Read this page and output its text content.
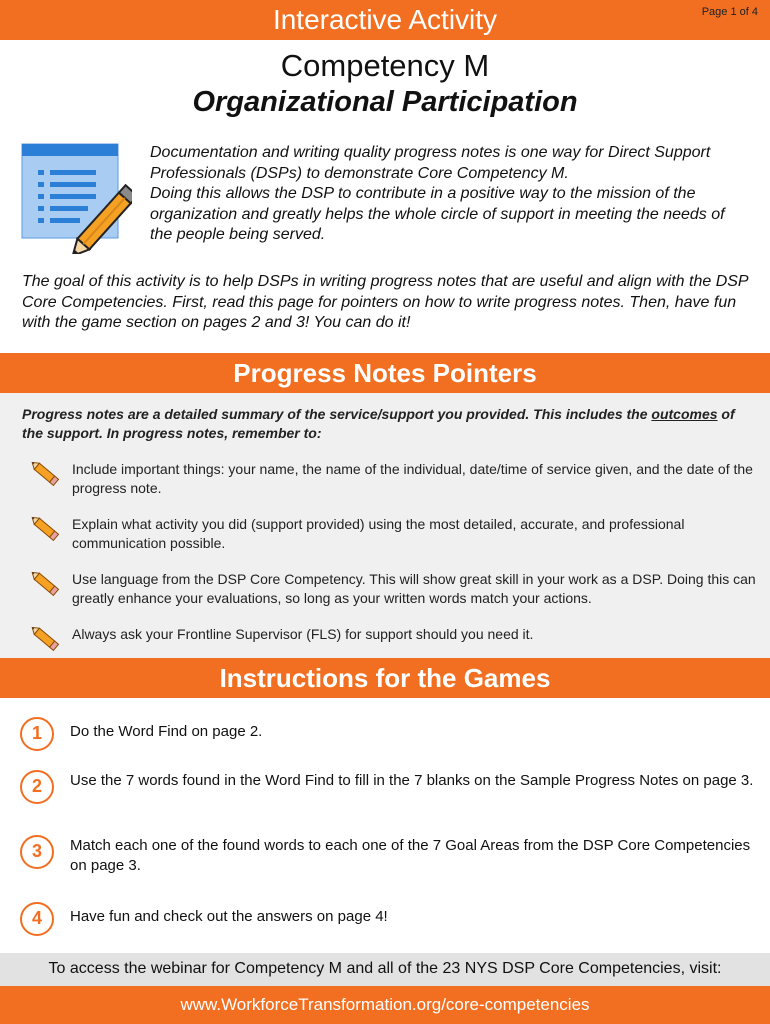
Interactive Activity	Page 1 of 4
Competency M
Organizational Participation
Documentation and writing quality progress notes is one way for Direct Support Professionals (DSPs) to demonstrate Core Competency M.
Doing this allows the DSP to contribute in a positive way to the mission of the organization and greatly helps the whole circle of support in meeting the needs of the people being served.
The goal of this activity is to help DSPs in writing progress notes that are useful and align with the DSP Core Competencies. First, read this page for pointers on how to write progress notes. Then, have fun with the game section on pages 2 and 3! You can do it!
Progress Notes Pointers
Progress notes are a detailed summary of the service/support you provided. This includes the outcomes of the support. In progress notes, remember to:
Include important things: your name, the name of the individual, date/time of service given, and the date of the progress note.
Explain what activity you did (support provided) using the most detailed, accurate, and professional communication possible.
Use language from the DSP Core Competency. This will show great skill in your work as a DSP. Doing this can greatly enhance your evaluations, so long as your written words match your actions.
Always ask your Frontline Supervisor (FLS) for support should you need it.
Instructions for the Games
1	Do the Word Find on page 2.
2	Use the 7 words found in the Word Find to fill in the 7 blanks on the Sample Progress Notes on page 3.
3	Match each one of the found words to each one of the 7 Goal Areas from the DSP Core Competencies on page 3.
4	Have fun and check out the answers on page 4!
To access the webinar for Competency M and all of the 23 NYS DSP Core Competencies, visit:
www.WorkforceTransformation.org/core-competencies
